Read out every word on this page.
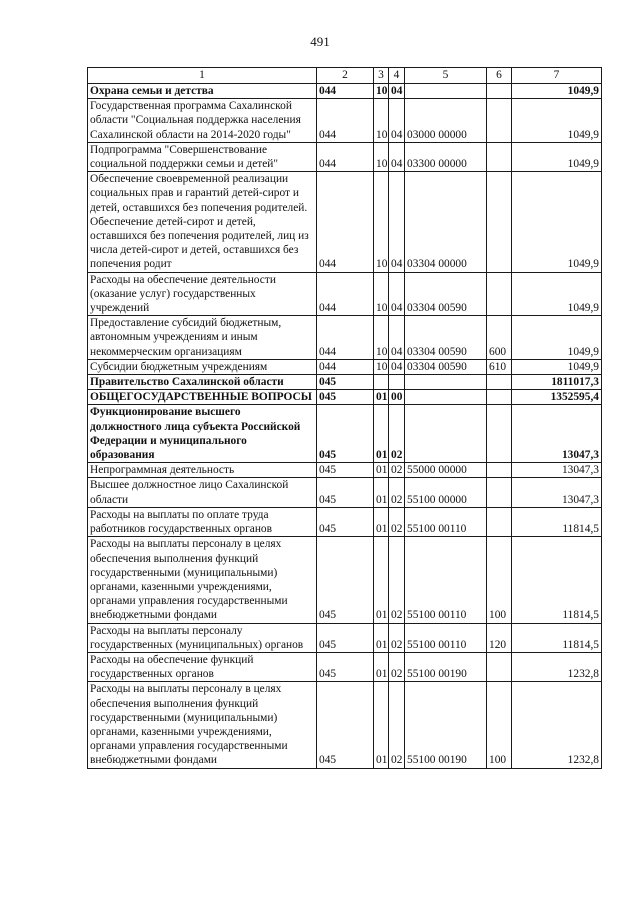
491
1	2	3	4	5	6	7
Охрана семьи и детства	044	10	04			1049,9
Государственная программа Сахалинской области "Социальная поддержка населения Сахалинской области на 2014-2020 годы"	044	10	04	03000 00000		1049,9
Подпрограмма "Совершенствование социальной поддержки семьи и детей"	044	10	04	03300 00000		1049,9
Обеспечение своевременной реализации социальных прав и гарантий детей-сирот и детей, оставшихся без попечения родителей. Обеспечение детей-сирот и детей, оставшихся без попечения родителей, лиц из числа детей-сирот и детей, оставшихся без попечения родит	044	10	04	03304 00000		1049,9
Расходы на обеспечение деятельности (оказание услуг) государственных учреждений	044	10	04	03304 00590		1049,9
Предоставление субсидий бюджетным, автономным учреждениям и иным некоммерческим организациям	044	10	04	03304 00590	600	1049,9
Субсидии бюджетным учреждениям	044	10	04	03304 00590	610	1049,9
Правительство Сахалинской области	045					1811017,3
ОБЩЕГОСУДАРСТВЕННЫЕ ВОПРОСЫ	045	01	00			1352595,4
Функционирование высшего должностного лица субъекта Российской Федерации и муниципального образования	045	01	02			13047,3
Непрограммная деятельность	045	01	02	55000 00000		13047,3
Высшее должностное лицо Сахалинской области	045	01	02	55100 00000		13047,3
Расходы на выплаты по оплате труда работников государственных органов	045	01	02	55100 00110		11814,5
Расходы на выплаты персоналу в целях обеспечения выполнения функций государственными (муниципальными) органами, казенными учреждениями, органами управления государственными внебюджетными фондами	045	01	02	55100 00110	100	11814,5
Расходы на выплаты персоналу государственных (муниципальных) органов	045	01	02	55100 00110	120	11814,5
Расходы на обеспечение функций государственных органов	045	01	02	55100 00190		1232,8
Расходы на выплаты персоналу в целях обеспечения выполнения функций государственными (муниципальными) органами, казенными учреждениями, органами управления государственными внебюджетными фондами	045	01	02	55100 00190	100	1232,8
